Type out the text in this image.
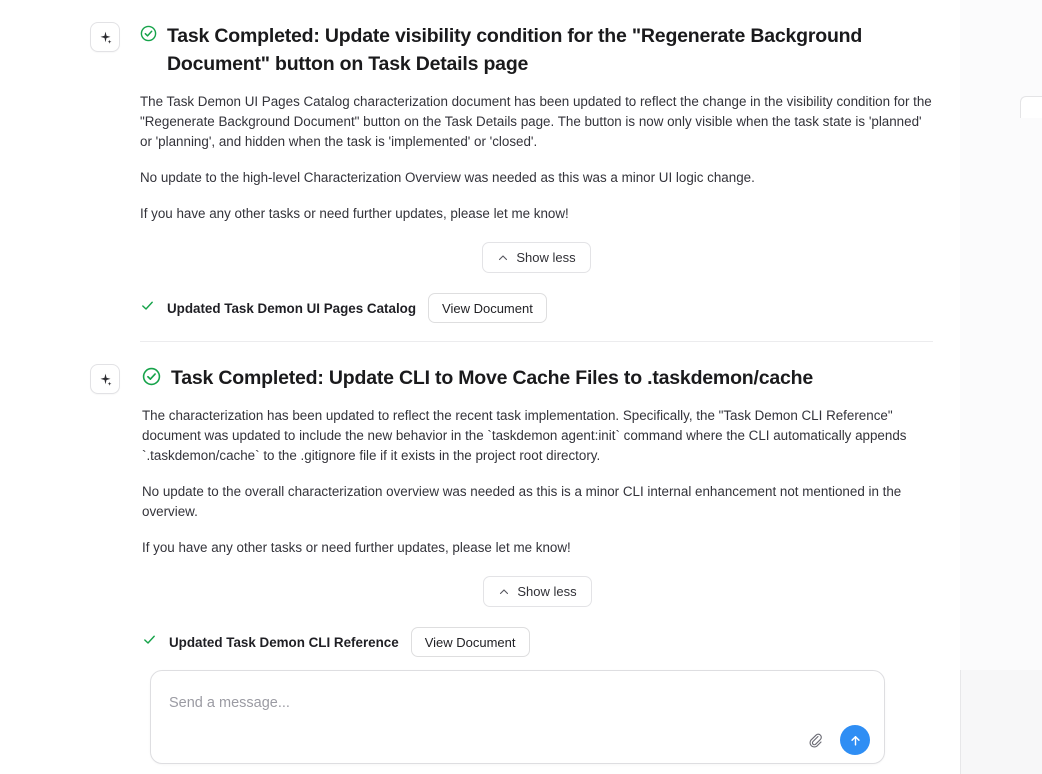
Task Completed: Update visibility condition for the "Regenerate Background Document" button on Task Details page

The Task Demon UI Pages Catalog characterization document has been updated to reflect the change in the visibility condition for the "Regenerate Background Document" button on the Task Details page. The button is now only visible when the task state is 'planned' or 'planning', and hidden when the task is 'implemented' or 'closed'.

No update to the high-level Characterization Overview was needed as this was a minor UI logic change.

If you have any other tasks or need further updates, please let me know!

Show less
Updated Task Demon UI Pages Catalog	View Document
Task Completed: Update CLI to Move Cache Files to .taskdemon/cache

The characterization has been updated to reflect the recent task implementation. Specifically, the "Task Demon CLI Reference" document was updated to include the new behavior in the `taskdemon agent:init` command where the CLI automatically appends `.taskdemon/cache` to the .gitignore file if it exists in the project root directory.

No update to the overall characterization overview was needed as this is a minor CLI internal enhancement not mentioned in the overview.

If you have any other tasks or need further updates, please let me know!

Show less
Updated Task Demon CLI Reference	View Document
Send a message...
